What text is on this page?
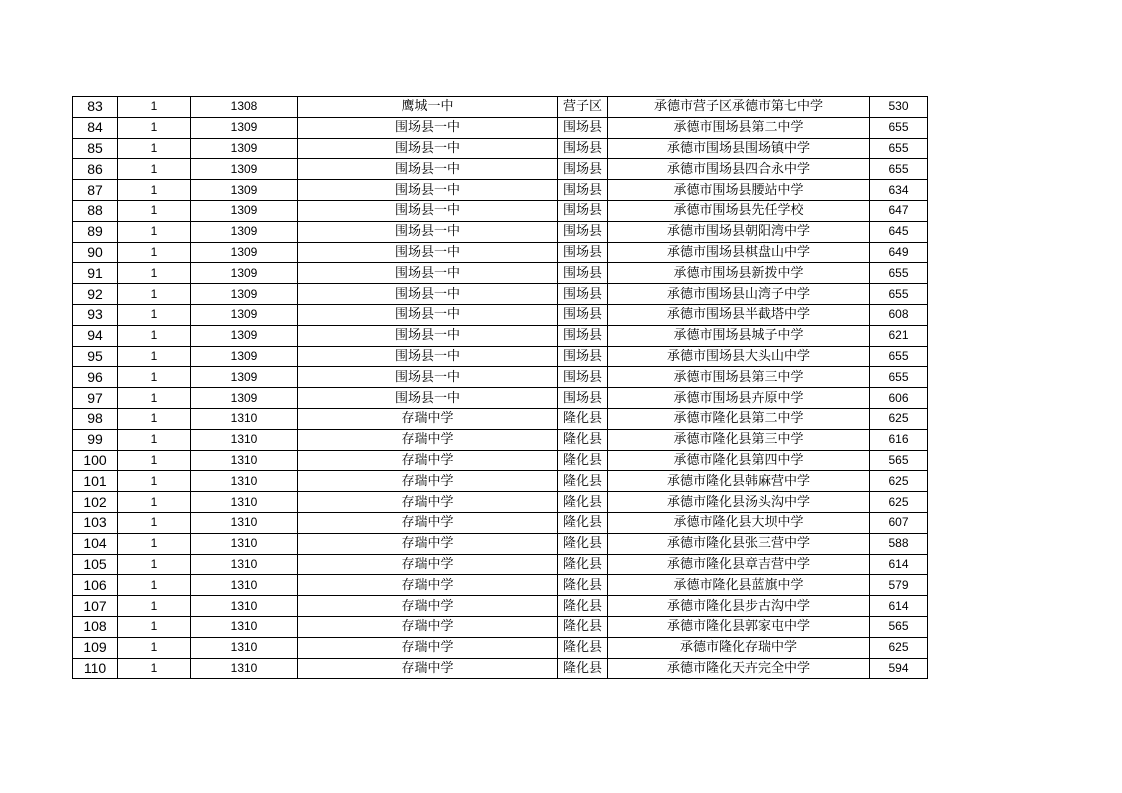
83	1	1308	鹰城一中	营子区	承德市营子区承德市第七中学	530
84	1	1309	围场县一中	围场县	承德市围场县第二中学	655
85	1	1309	围场县一中	围场县	承德市围场县围场镇中学	655
86	1	1309	围场县一中	围场县	承德市围场县四合永中学	655
87	1	1309	围场县一中	围场县	承德市围场县腰站中学	634
88	1	1309	围场县一中	围场县	承德市围场县先任学校	647
89	1	1309	围场县一中	围场县	承德市围场县朝阳湾中学	645
90	1	1309	围场县一中	围场县	承德市围场县棋盘山中学	649
91	1	1309	围场县一中	围场县	承德市围场县新拨中学	655
92	1	1309	围场县一中	围场县	承德市围场县山湾子中学	655
93	1	1309	围场县一中	围场县	承德市围场县半截塔中学	608
94	1	1309	围场县一中	围场县	承德市围场县城子中学	621
95	1	1309	围场县一中	围场县	承德市围场县大头山中学	655
96	1	1309	围场县一中	围场县	承德市围场县第三中学	655
97	1	1309	围场县一中	围场县	承德市围场县卉原中学	606
98	1	1310	存瑞中学	隆化县	承德市隆化县第二中学	625
99	1	1310	存瑞中学	隆化县	承德市隆化县第三中学	616
100	1	1310	存瑞中学	隆化县	承德市隆化县第四中学	565
101	1	1310	存瑞中学	隆化县	承德市隆化县韩麻营中学	625
102	1	1310	存瑞中学	隆化县	承德市隆化县汤头沟中学	625
103	1	1310	存瑞中学	隆化县	承德市隆化县大坝中学	607
104	1	1310	存瑞中学	隆化县	承德市隆化县张三营中学	588
105	1	1310	存瑞中学	隆化县	承德市隆化县章吉营中学	614
106	1	1310	存瑞中学	隆化县	承德市隆化县蓝旗中学	579
107	1	1310	存瑞中学	隆化县	承德市隆化县步古沟中学	614
108	1	1310	存瑞中学	隆化县	承德市隆化县郭家屯中学	565
109	1	1310	存瑞中学	隆化县	承德市隆化存瑞中学	625
110	1	1310	存瑞中学	隆化县	承德市隆化天卉完全中学	594
